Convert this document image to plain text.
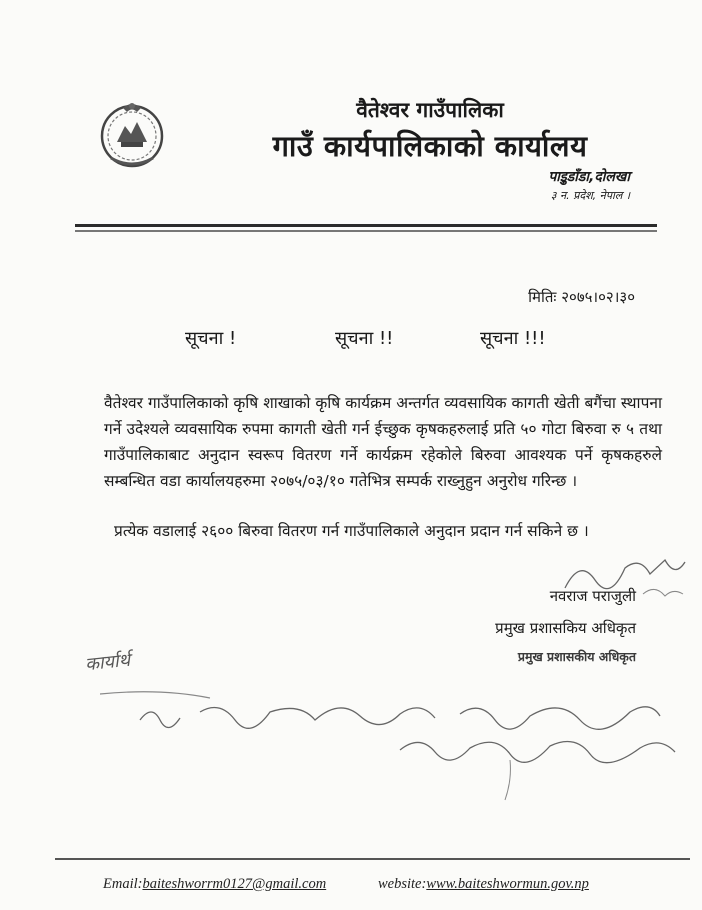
वैतेश्वर गाउँपालिका
गाउँ कार्यपालिकाको कार्यालय
पाइुडाँडा,दोलखा
३ न. प्रदेश, नेपाल ।
मितिः २०७५।०२।३०
सूचना !	सूचना !!	सूचना !!!
वैतेश्वर गाउँपालिकाको कृषि शाखाको कृषि कार्यक्रम अन्तर्गत व्यवसायिक कागती खेती बगैंचा स्थापना गर्ने उदेश्यले व्यवसायिक रुपमा कागती खेती गर्न ईच्छुक कृषकहरुलाई प्रति ५० गोटा बिरुवा रु ५ तथा गाउँपालिकाबाट अनुदान स्वरूप वितरण गर्ने कार्यक्रम रहेकोले बिरुवा आवश्यक पर्ने कृषकहरुले सम्बन्धित वडा कार्यालयहरुमा २०७५/०३/१० गतेभित्र सम्पर्क राख्नुहुन अनुरोध गरिन्छ ।
प्रत्येक वडालाई २६०० बिरुवा वितरण गर्न गाउँपालिकाले अनुदान प्रदान गर्न सकिने छ ।
नवराज पराजुली
प्रमुख प्रशासकिय अधिकृत
प्रमुख प्रशासकीय अधिकृत
कार्यार्थ
Email:baiteshworrm0127@gmail.com	website:www.baiteshwormun.gov.np
